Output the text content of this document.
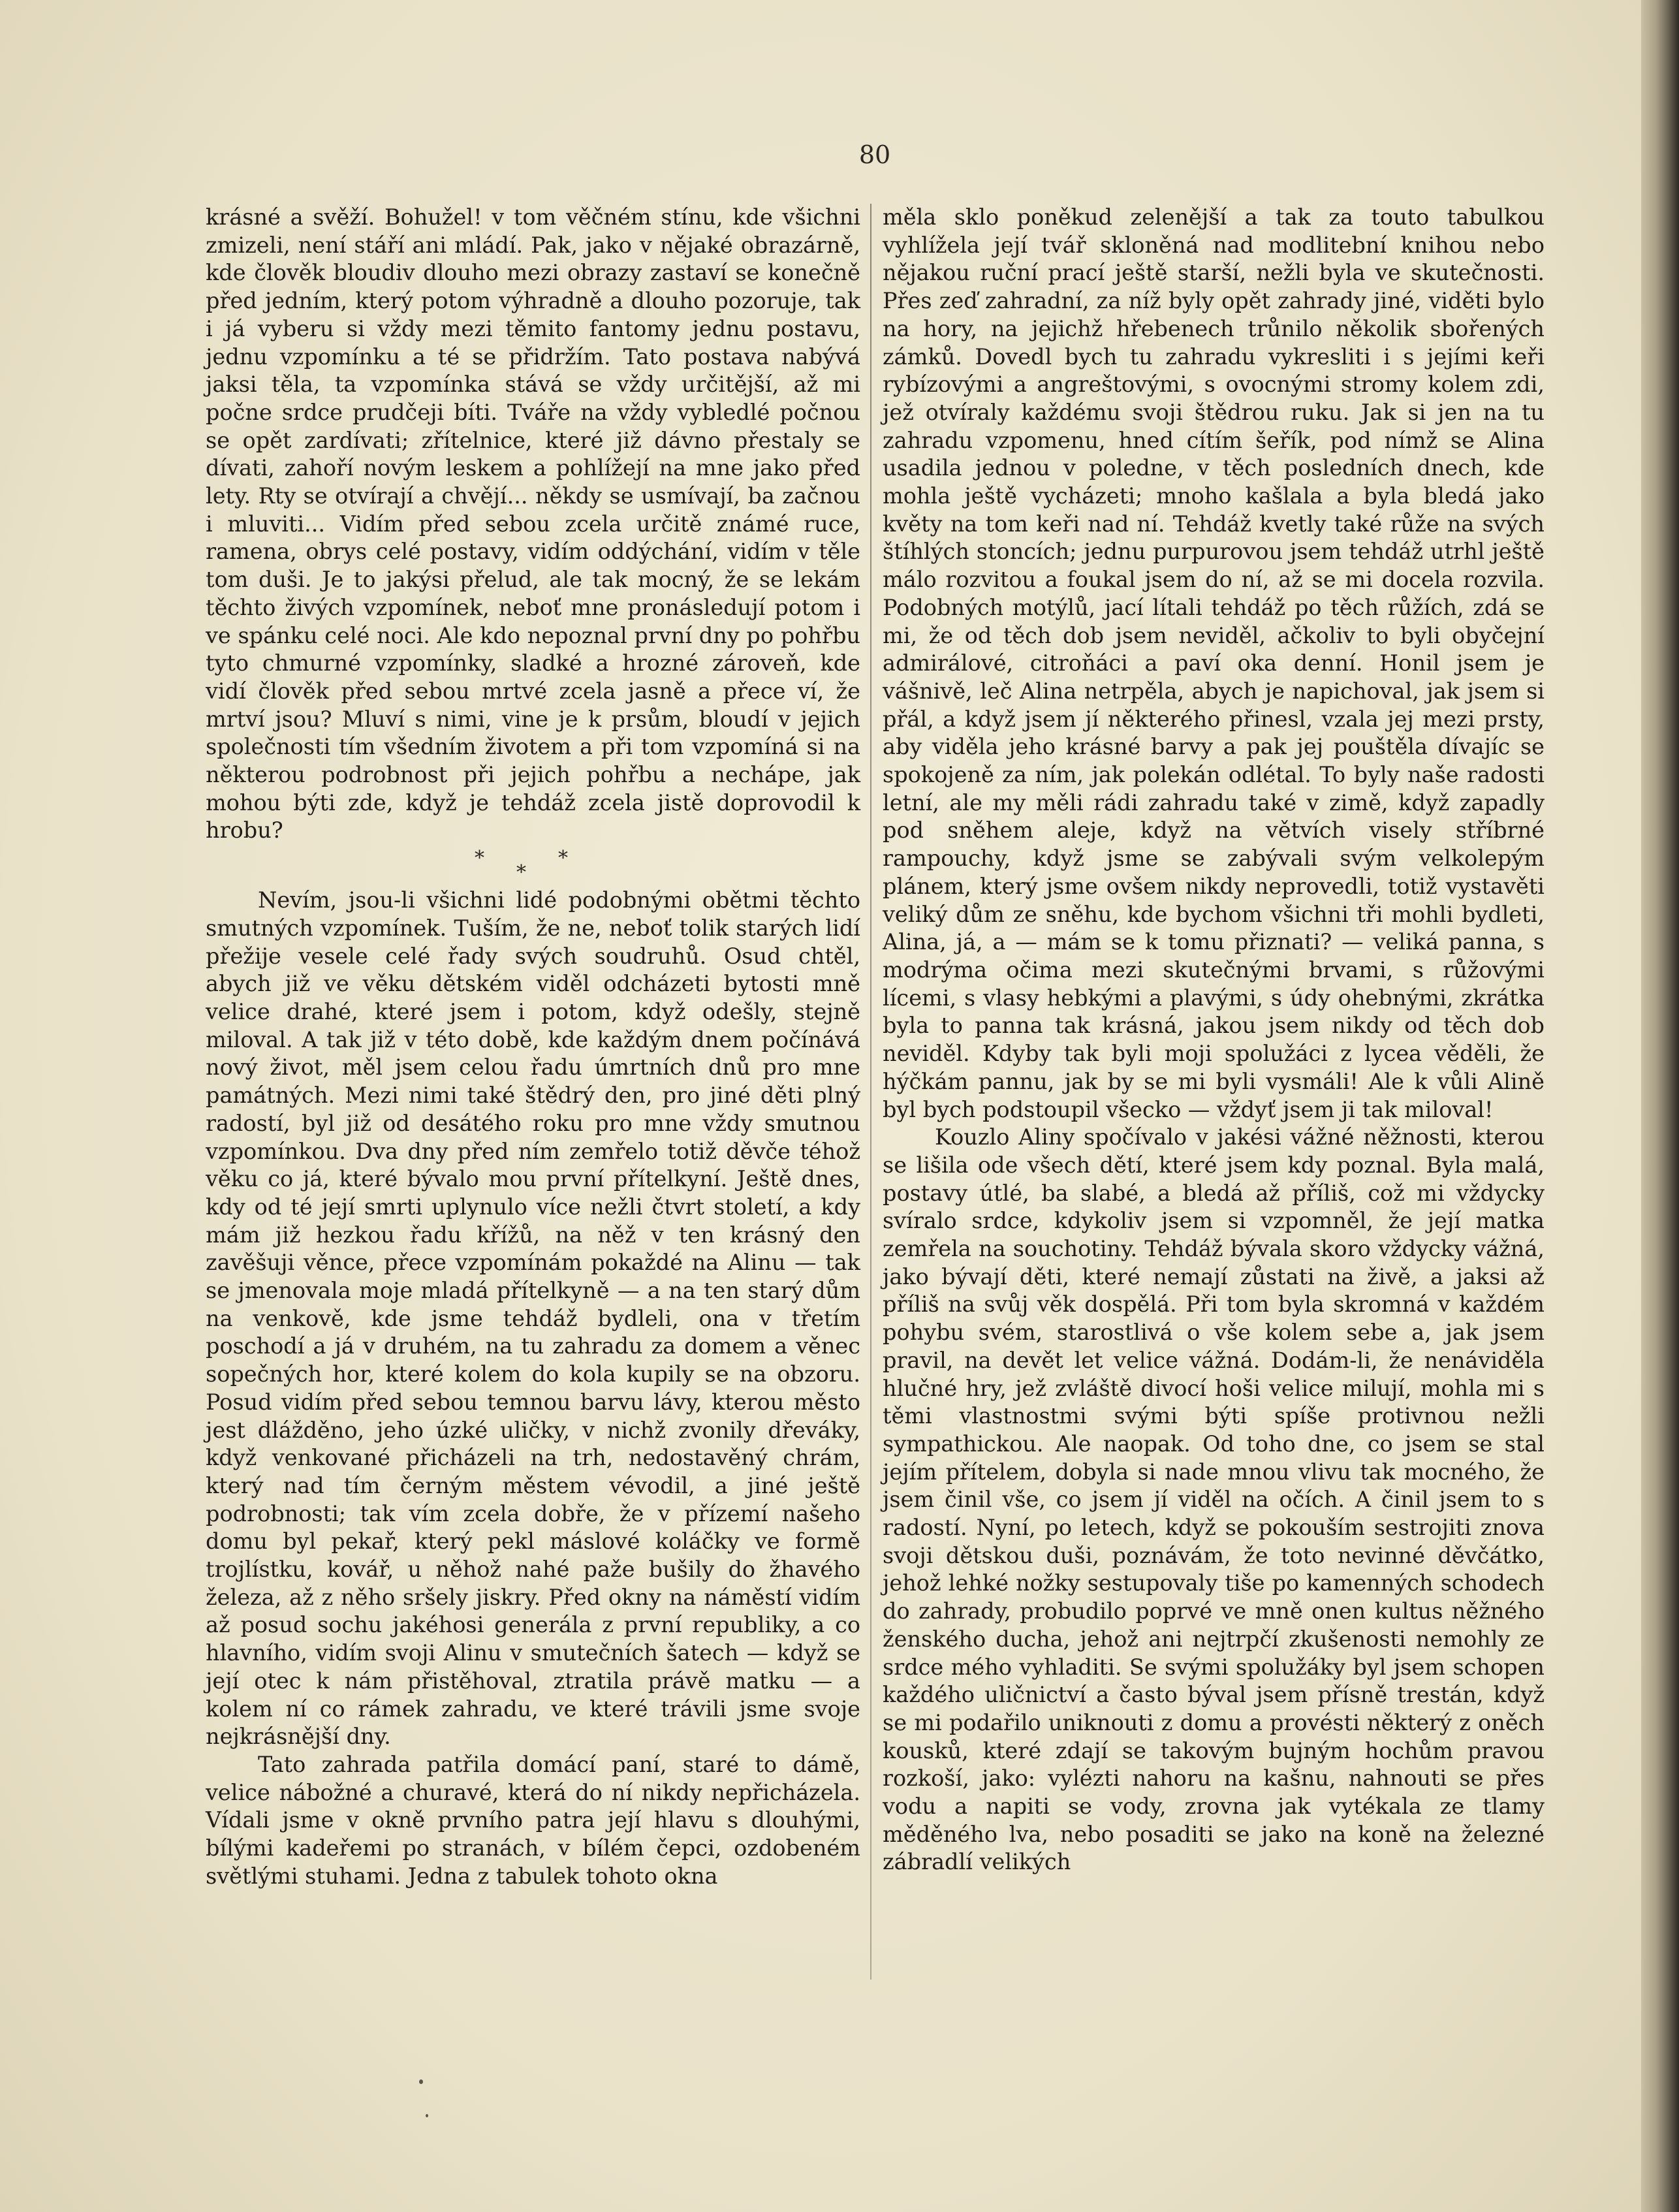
80

krásné a svěží. Bohužel! v tom věčném stínu, kde všichni zmizeli, není stáří ani mládí. Pak, jako v nějaké obrazárně, kde člověk bloudiv dlouho mezi obrazy zastaví se konečně před jedním, který potom výhradně a dlouho pozoruje, tak i já vyberu si vždy mezi těmito fantomy jednu postavu, jednu vzpomínku a té se přidržím. Tato postava nabývá jaksi těla, ta vzpomínka stává se vždy určitější, až mi počne srdce prudčeji bíti. Tváře na vždy vybledlé počnou se opět zardívati; zřítelnice, které již dávno přestaly se dívati, zahoří novým leskem a pohlížejí na mne jako před lety. Rty se otvírají a chvějí... někdy se usmívají, ba začnou i mluviti... Vidím před sebou zcela určitě známé ruce, ramena, obrys celé postavy, vidím oddýchání, vidím v těle tom duši. Je to jakýsi přelud, ale tak mocný, že se lekám těchto živých vzpomínek, neboť mne pronásledují potom i ve spánku celé noci. Ale kdo nepoznal první dny po pohřbu tyto chmurné vzpomínky, sladké a hrozné zároveň, kde vidí člověk před sebou mrtvé zcela jasně a přece ví, že mrtví jsou? Mluví s nimi, vine je k prsům, bloudí v jejich společnosti tím všedním životem a při tom vzpomíná si na některou podrobnost při jejich pohřbu a nechápe, jak mohou býti zde, když je tehdáž zcela jistě doprovodil k hrobu?

*	*
*

Nevím, jsou-li všichni lidé podobnými obětmi těchto smutných vzpomínek. Tuším, že ne, neboť tolik starých lidí přežije vesele celé řady svých soudruhů. Osud chtěl, abych již ve věku dětském viděl odcházeti bytosti mně velice drahé, které jsem i potom, když odešly, stejně miloval. A tak již v této době, kde každým dnem počínává nový život, měl jsem celou řadu úmrtních dnů pro mne památných. Mezi nimi také štědrý den, pro jiné děti plný radostí, byl již od desátého roku pro mne vždy smutnou vzpomínkou. Dva dny před ním zemřelo totiž děvče téhož věku co já, které bývalo mou první přítelkyní. Ještě dnes, kdy od té její smrti uplynulo více nežli čtvrt století, a kdy mám již hezkou řadu křížů, na něž v ten krásný den zavěšuji věnce, přece vzpomínám pokaždé na Alinu — tak se jmenovala moje mladá přítelkyně — a na ten starý dům na venkově, kde jsme tehdáž bydleli, ona v třetím poschodí a já v druhém, na tu zahradu za domem a věnec sopečných hor, které kolem do kola kupily se na obzoru. Posud vidím před sebou temnou barvu lávy, kterou město jest dlážděno, jeho úzké uličky, v nichž zvonily dřeváky, když venkované přicházeli na trh, nedostavěný chrám, který nad tím černým městem vévodil, a jiné ještě podrobnosti; tak vím zcela dobře, že v přízemí našeho domu byl pekař, který pekl máslové koláčky ve formě trojlístku, kovář, u něhož nahé paže bušily do žhavého železa, až z něho sršely jiskry. Před okny na náměstí vidím až posud sochu jakéhosi generála z první republiky, a co hlavního, vidím svoji Alinu v smutečních šatech — když se její otec k nám přistěhoval, ztratila právě matku — a kolem ní co rámek zahradu, ve které trávili jsme svoje nejkrásnější dny.

Tato zahrada patřila domácí paní, staré to dámě, velice nábožné a churavé, která do ní nikdy nepřicházela. Vídali jsme v okně prvního patra její hlavu s dlouhými, bílými kadeřemi po stranách, v bílém čepci, ozdobeném světlými stuhami. Jedna z tabulek tohoto okna

měla sklo poněkud zelenější a tak za touto tabulkou vyhlížela její tvář skloněná nad modlitební knihou nebo nějakou ruční prací ještě starší, nežli byla ve skutečnosti. Přes zeď zahradní, za níž byly opět zahrady jiné, viděti bylo na hory, na jejichž hřebenech trůnilo několik sbořených zámků. Dovedl bych tu zahradu vykresliti i s jejími keři rybízovými a angreštovými, s ovocnými stromy kolem zdi, jež otvíraly každému svoji štědrou ruku. Jak si jen na tu zahradu vzpomenu, hned cítím šeřík, pod nímž se Alina usadila jednou v poledne, v těch posledních dnech, kde mohla ještě vycházeti; mnoho kašlala a byla bledá jako květy na tom keři nad ní. Tehdáž kvetly také růže na svých štíhlých stoncích; jednu purpurovou jsem tehdáž utrhl ještě málo rozvitou a foukal jsem do ní, až se mi docela rozvila. Podobných motýlů, jací lítali tehdáž po těch růžích, zdá se mi, že od těch dob jsem neviděl, ačkoliv to byli obyčejní admirálové, citroňáci a paví oka denní. Honil jsem je vášnivě, leč Alina netrpěla, abych je napichoval, jak jsem si přál, a když jsem jí některého přinesl, vzala jej mezi prsty, aby viděla jeho krásné barvy a pak jej pouštěla dívajíc se spokojeně za ním, jak polekán odlétal. To byly naše radosti letní, ale my měli rádi zahradu také v zimě, když zapadly pod sněhem aleje, když na větvích visely stříbrné rampouchy, když jsme se zabývali svým velkolepým plánem, který jsme ovšem nikdy neprovedli, totiž vystavěti veliký dům ze sněhu, kde bychom všichni tři mohli bydleti, Alina, já, a — mám se k tomu přiznati? — veliká panna, s modrýma očima mezi skutečnými brvami, s růžovými lícemi, s vlasy hebkými a plavými, s údy ohebnými, zkrátka byla to panna tak krásná, jakou jsem nikdy od těch dob neviděl. Kdyby tak byli moji spolužáci z lycea věděli, že hýčkám pannu, jak by se mi byli vysmáli! Ale k vůli Alině byl bych podstoupil všecko — vždyť jsem ji tak miloval!

Kouzlo Aliny spočívalo v jakési vážné něžnosti, kterou se lišila ode všech dětí, které jsem kdy poznal. Byla malá, postavy útlé, ba slabé, a bledá až příliš, což mi vždycky svíralo srdce, kdykoliv jsem si vzpomněl, že její matka zemřela na souchotiny. Tehdáž bývala skoro vždycky vážná, jako bývají děti, které nemají zůstati na živě, a jaksi až příliš na svůj věk dospělá. Při tom byla skromná v každém pohybu svém, starostlivá o vše kolem sebe a, jak jsem pravil, na devět let velice vážná. Dodám-li, že nenáviděla hlučné hry, jež zvláště divocí hoši velice milují, mohla mi s těmi vlastnostmi svými býti spíše protivnou nežli sympathickou. Ale naopak. Od toho dne, co jsem se stal jejím přítelem, dobyla si nade mnou vlivu tak mocného, že jsem činil vše, co jsem jí viděl na očích. A činil jsem to s radostí. Nyní, po letech, když se pokouším sestrojiti znova svoji dětskou duši, poznávám, že toto nevinné děvčátko, jehož lehké nožky sestupovaly tiše po kamenných schodech do zahrady, probudilo poprvé ve mně onen kultus něžného ženského ducha, jehož ani nejtrpčí zkušenosti nemohly ze srdce mého vyhladiti. Se svými spolužáky byl jsem schopen každého uličnictví a často býval jsem přísně trestán, když se mi podařilo uniknouti z domu a provésti některý z oněch kousků, které zdají se takovým bujným hochům pravou rozkoší, jako: vylézti nahoru na kašnu, nahnouti se přes vodu a napiti se vody, zrovna jak vytékala ze tlamy měděného lva, nebo posaditi se jako na koně na železné zábradlí velikých
